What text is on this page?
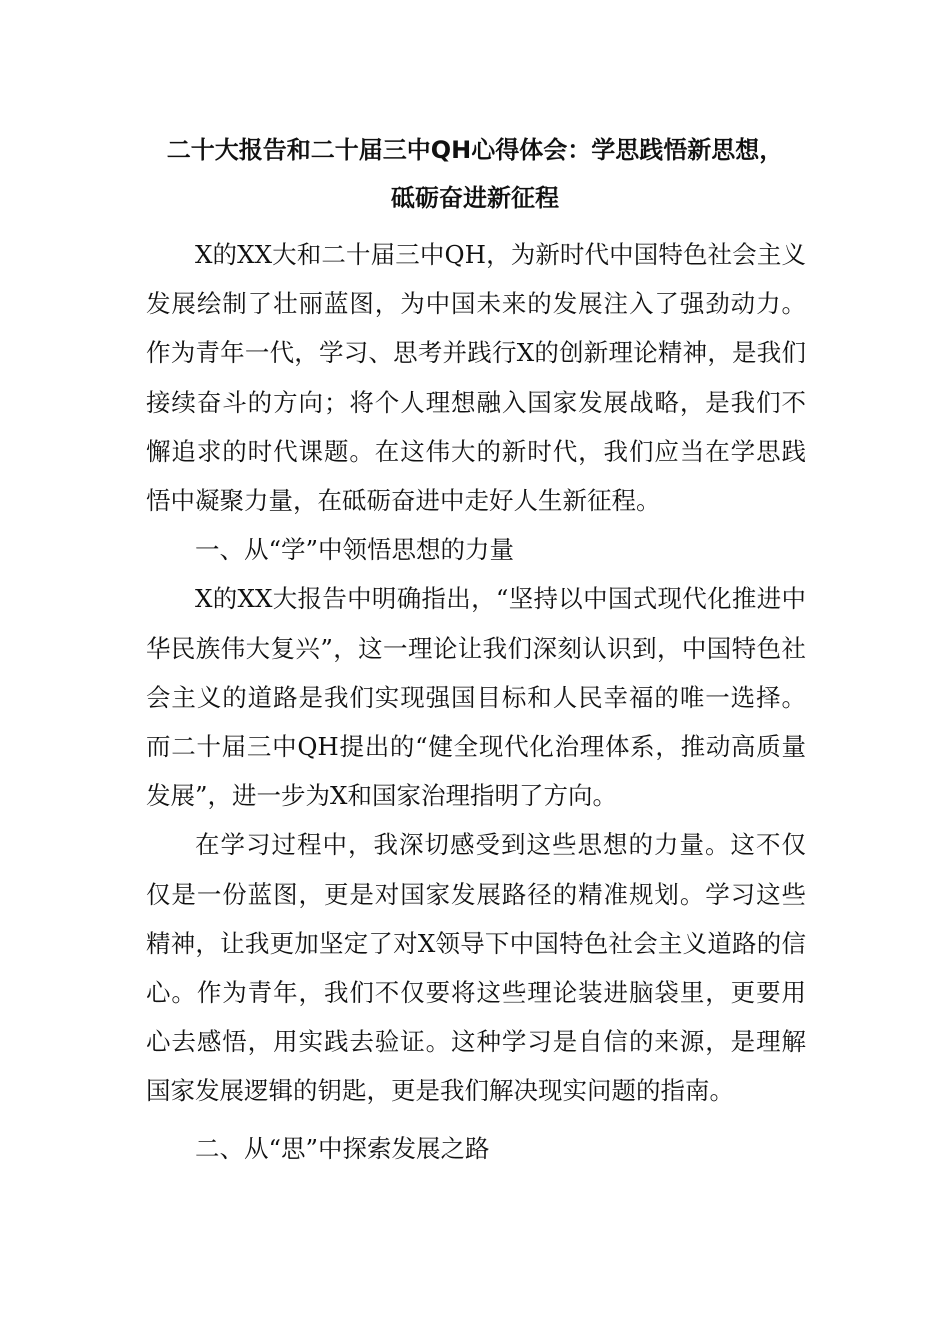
二十大报告和二十届三中QH心得体会：学思践悟新思想，
砥砺奋进新征程

X的XX大和二十届三中QH，为新时代中国特色社会主义发展绘制了壮丽蓝图，为中国未来的发展注入了强劲动力。作为青年一代，学习、思考并践行X的创新理论精神，是我们接续奋斗的方向；将个人理想融入国家发展战略，是我们不懈追求的时代课题。在这伟大的新时代，我们应当在学思践悟中凝聚力量，在砥砺奋进中走好人生新征程。

一、从“学”中领悟思想的力量

X的XX大报告中明确指出，“坚持以中国式现代化推进中华民族伟大复兴”，这一理论让我们深刻认识到，中国特色社会主义的道路是我们实现强国目标和人民幸福的唯一选择。而二十届三中QH提出的“健全现代化治理体系，推动高质量发展”，进一步为X和国家治理指明了方向。

在学习过程中，我深切感受到这些思想的力量。这不仅仅是一份蓝图，更是对国家发展路径的精准规划。学习这些精神，让我更加坚定了对X领导下中国特色社会主义道路的信心。作为青年，我们不仅要将这些理论装进脑袋里，更要用心去感悟，用实践去验证。这种学习是自信的来源，是理解国家发展逻辑的钥匙，更是我们解决现实问题的指南。

二、从“思”中探索发展之路
